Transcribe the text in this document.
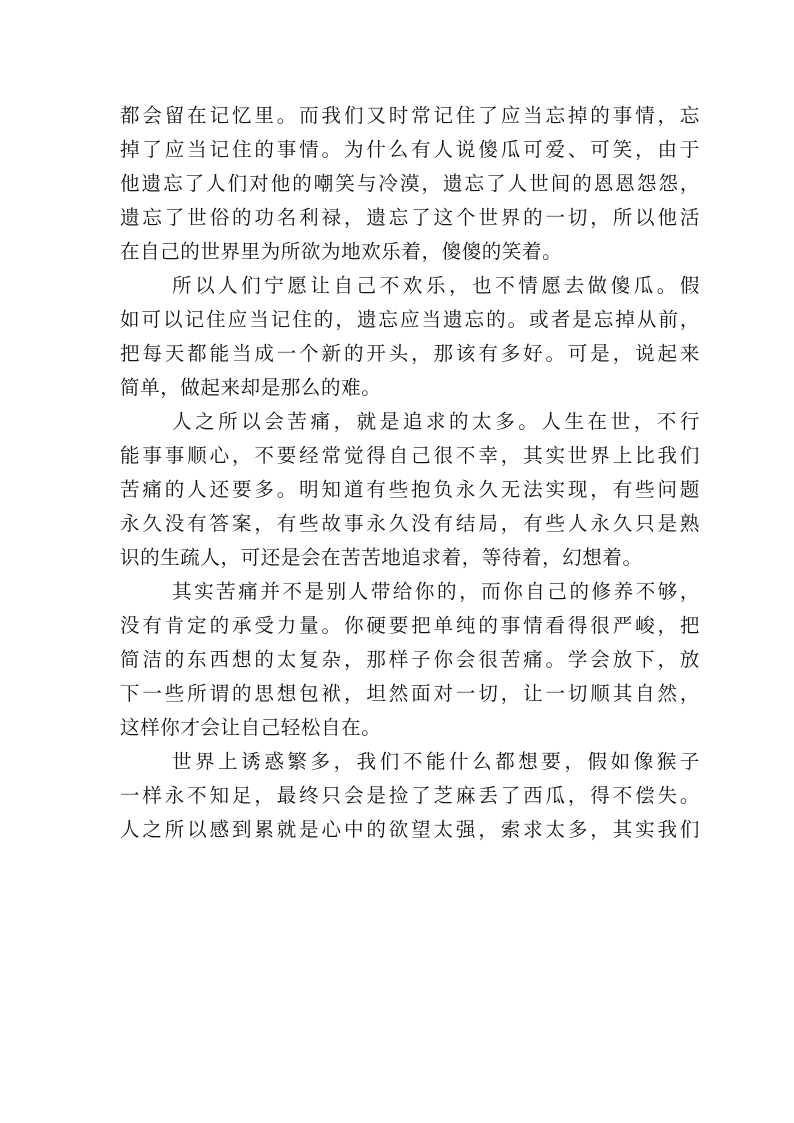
都会留在记忆里。而我们又时常记住了应当忘掉的事情，忘
掉了应当记住的事情。为什么有人说傻瓜可爱、可笑，由于
他遗忘了人们对他的嘲笑与冷漠，遗忘了人世间的恩恩怨怨，
遗忘了世俗的功名利禄，遗忘了这个世界的一切，所以他活
在自己的世界里为所欲为地欢乐着，傻傻的笑着。
所以人们宁愿让自己不欢乐，也不情愿去做傻瓜。假
如可以记住应当记住的，遗忘应当遗忘的。或者是忘掉从前，
把每天都能当成一个新的开头，那该有多好。可是，说起来
简单，做起来却是那么的难。
人之所以会苦痛，就是追求的太多。人生在世，不行
能事事顺心，不要经常觉得自己很不幸，其实世界上比我们
苦痛的人还要多。明知道有些抱负永久无法实现，有些问题
永久没有答案，有些故事永久没有结局，有些人永久只是熟
识的生疏人，可还是会在苦苦地追求着，等待着，幻想着。
其实苦痛并不是别人带给你的，而你自己的修养不够，
没有肯定的承受力量。你硬要把单纯的事情看得很严峻，把
简洁的东西想的太复杂，那样子你会很苦痛。学会放下，放
下一些所谓的思想包袱，坦然面对一切，让一切顺其自然，
这样你才会让自己轻松自在。
世界上诱惑繁多，我们不能什么都想要，假如像猴子
一样永不知足，最终只会是捡了芝麻丢了西瓜，得不偿失。
人之所以感到累就是心中的欲望太强，索求太多，其实我们
